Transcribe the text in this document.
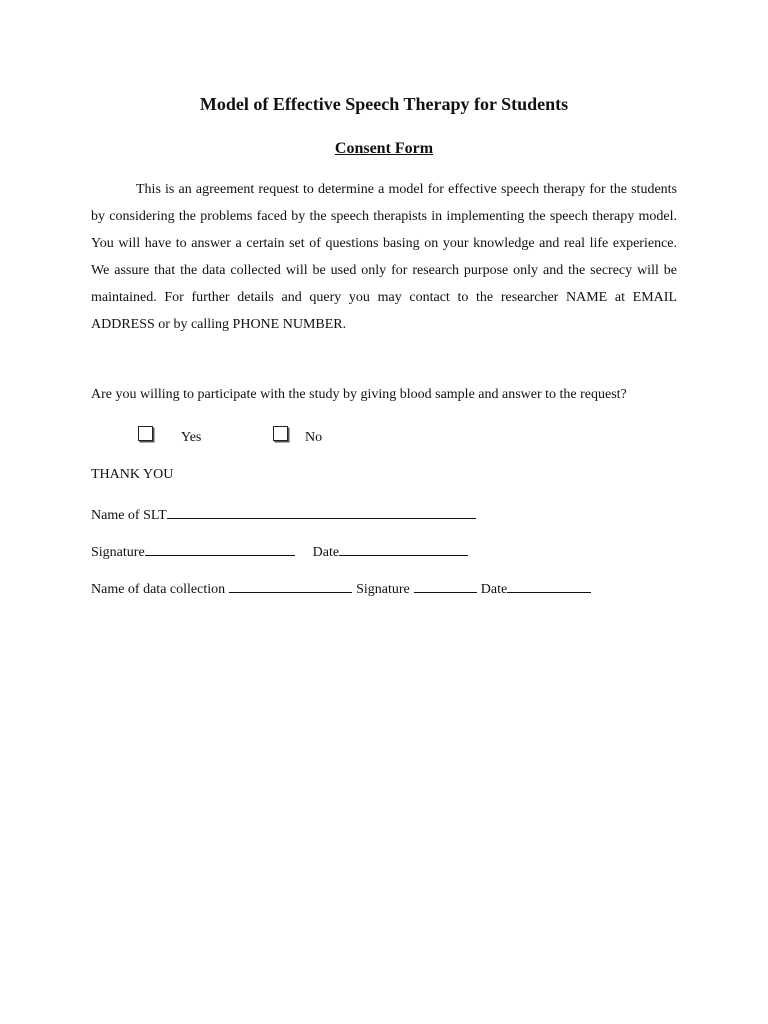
Model of Effective Speech Therapy for Students
Consent Form

This is an agreement request to determine a model for effective speech therapy for the students by considering the problems faced by the speech therapists in implementing the speech therapy model. You will have to answer a certain set of questions basing on your knowledge and real life experience. We assure that the data collected will be used only for research purpose only and the secrecy will be maintained. For further details and query you may contact to the researcher NAME at EMAIL ADDRESS or by calling PHONE NUMBER.

Are you willing to participate with the study by giving blood sample and answer to the request?
Yes	No
THANK YOU
Name of SLT
Signature	Date
Name of data collection	Signature	Date
